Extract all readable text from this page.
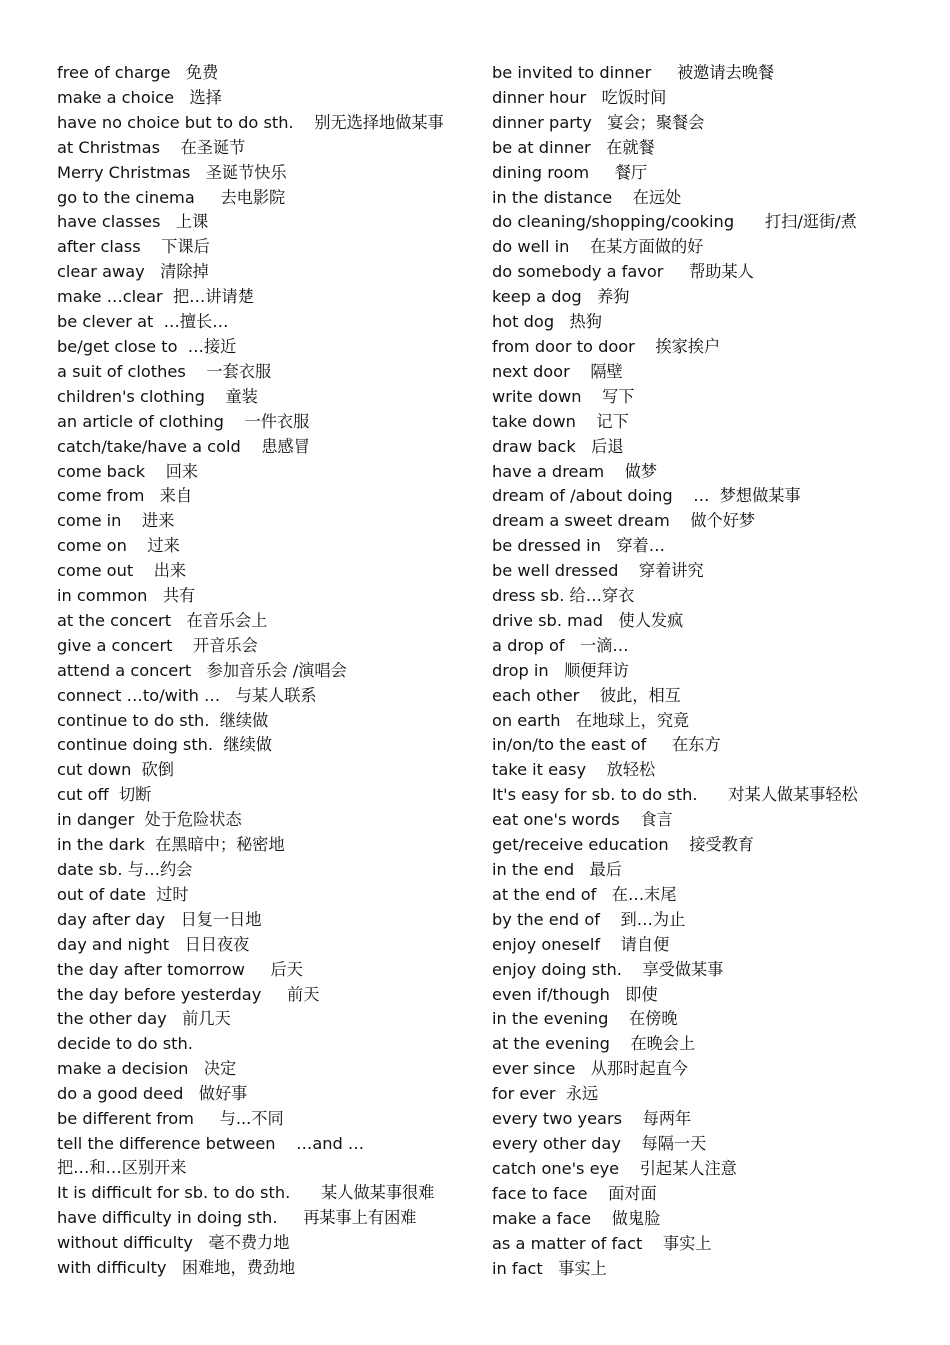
free of charge   免费
make a choice   选择
have no choice but to do sth.    别无选择地做某事
at Christmas    在圣诞节
Merry Christmas   圣诞节快乐
go to the cinema     去电影院
have classes   上课
after class    下课后
clear away   清除掉
make …clear  把…讲请楚
be clever at  …擅长…
be/get close to  …接近
a suit of clothes    一套衣服
children's clothing    童装
an article of clothing    一件衣服
catch/take/have a cold    患感冒
come back    回来
come from   来自
come in    进来
come on    过来
come out    出来
in common   共有
at the concert   在音乐会上
give a concert    开音乐会
attend a concert   参加音乐会 /演唱会
connect …to/with …   与某人联系
continue to do sth.  继续做
continue doing sth.  继续做
cut down  砍倒
cut off  切断
in danger  处于危险状态
in the dark  在黑暗中；秘密地
date sb. 与…约会
out of date  过时
day after day   日复一日地
day and night   日日夜夜
the day after tomorrow     后天
the day before yesterday     前天
the other day   前几天
decide to do sth.
make a decision   决定
do a good deed   做好事
be different from     与...不同
tell the difference between    …and … 把…和…区别开来
It is difficult for sb. to do sth.      某人做某事很难
have difficulty in doing sth.     再某事上有困难
without difficulty   毫不费力地
with difficulty   困难地，费劲地
be invited to dinner     被邀请去晚餐
dinner hour   吃饭时间
dinner party   宴会；聚餐会
be at dinner   在就餐
dining room     餐厅
in the distance    在远处
do cleaning/shopping/cooking      打扫/逛街/煮
do well in    在某方面做的好
do somebody a favor     帮助某人
keep a dog   养狗
hot dog   热狗
from door to door    挨家挨户
next door    隔壁
write down    写下
take down    记下
draw back   后退
have a dream    做梦
dream of /about doing    …  梦想做某事
dream a sweet dream    做个好梦
be dressed in   穿着…
be well dressed    穿着讲究
dress sb. 给…穿衣
drive sb. mad   使人发疯
a drop of   一滴…
drop in   顺便拜访
each other    彼此，相互
on earth   在地球上，究竟
in/on/to the east of     在东方
take it easy    放轻松
It's easy for sb. to do sth.      对某人做某事轻松
eat one's words    食言
get/receive education    接受教育
in the end   最后
at the end of   在…末尾
by the end of    到…为止
enjoy oneself    请自便
enjoy doing sth.    享受做某事
even if/though   即使
in the evening    在傍晚
at the evening    在晚会上
ever since   从那时起直今
for ever  永远
every two years    每两年
every other day    每隔一天
catch one's eye    引起某人注意
face to face    面对面
make a face    做鬼脸
as a matter of fact    事实上
in fact   事实上
